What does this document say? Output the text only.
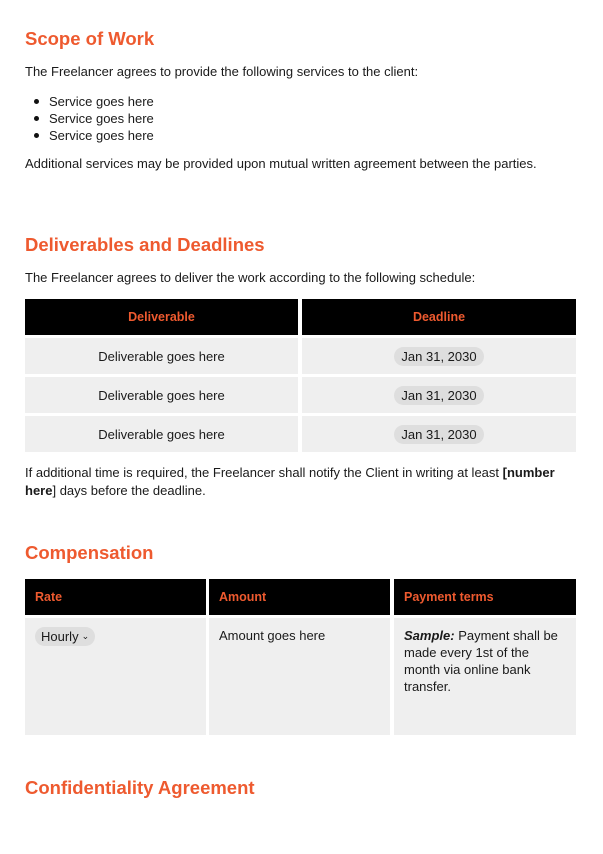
Scope of Work

The Freelancer agrees to provide the following services to the client:

Service goes here
Service goes here
Service goes here

Additional services may be provided upon mutual written agreement between the parties.

Deliverables and Deadlines

The Freelancer agrees to deliver the work according to the following schedule:

Deliverable	Deadline
Deliverable goes here	Jan 31, 2030
Deliverable goes here	Jan 31, 2030
Deliverable goes here	Jan 31, 2030

If additional time is required, the Freelancer shall notify the Client in writing at least [number here] days before the deadline.

Compensation
Rate	Amount	Payment terms
Hourly ⌄	Amount goes here	Sample: Payment shall be made every 1st of the month via online bank transfer.
Confidentiality Agreement
